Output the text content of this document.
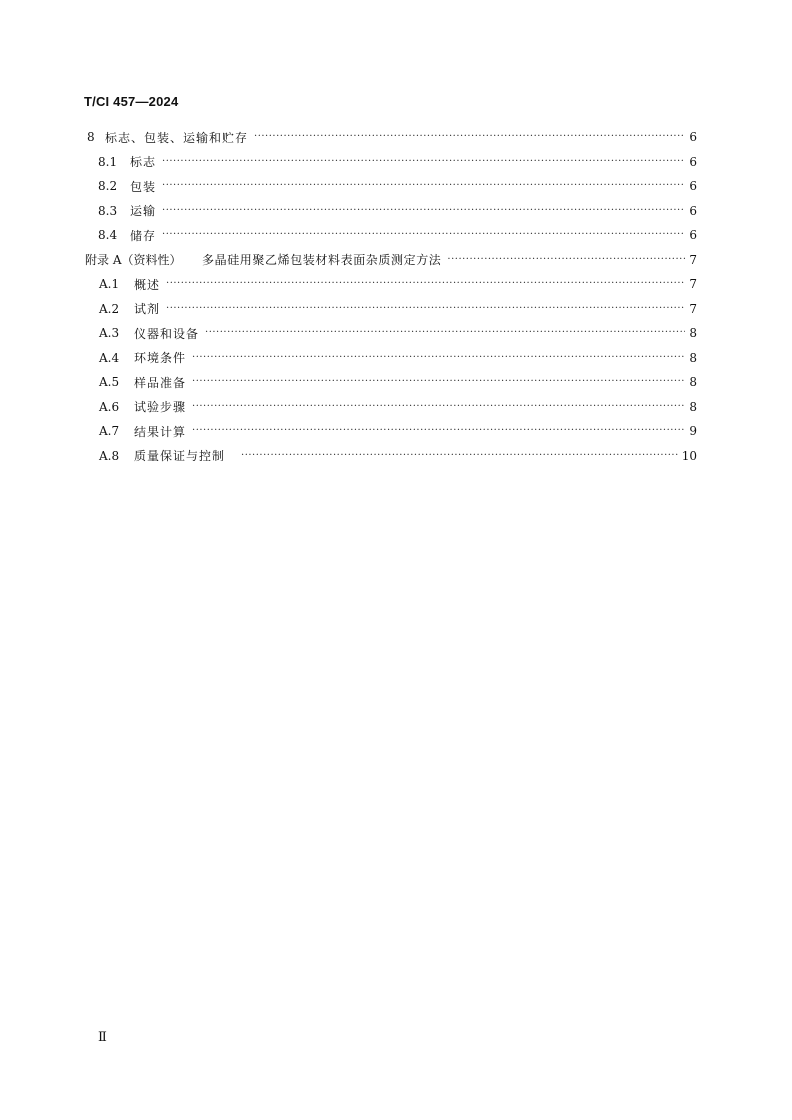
T/CI 457—2024
8 标志、包装、运输和贮存 ·····	6
8.1	标志 ·····	6
8.2	包装 ·····	6
8.3	运输 ·····	6
8.4	储存 ·····	6
附录 A（资料性）	多晶硅用聚乙烯包装材料表面杂质测定方法 ·····	7
A.1	概述 ·····	7
A.2	试剂 ·····	7
A.3	仪器和设备 ·····	8
A.4	环境条件 ·····	8
A.5	样品准备 ·····	8
A.6	试验步骤 ·····	8
A.7	结果计算 ·····	9
A.8	质量保证与控制 ·····	10
Ⅱ
